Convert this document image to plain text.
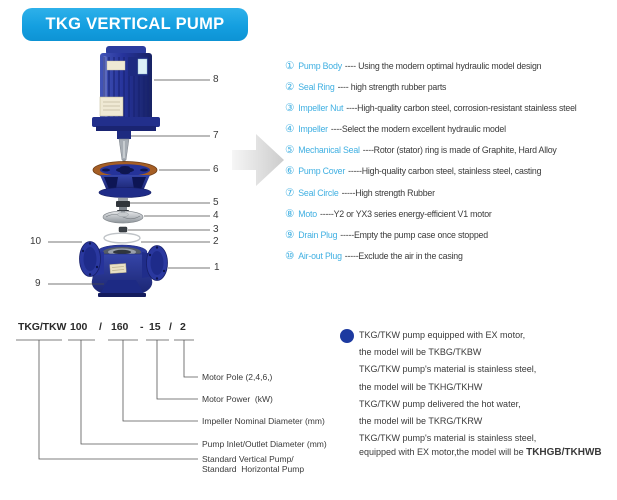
TKG VERTICAL PUMP
8
7
6
5
4
3
2
1
10
9
① Pump Body ---- Using the modern optimal hydraulic model design
② Seal Ring ---- high strength rubber parts
③ Impeller Nut ----High-quality carbon steel, corrosion-resistant stainless steel
④ Impeller ----Select the modern excellent hydraulic model
⑤ Mechanical Seal ----Rotor (stator) ring is made of Graphite, Hard Alloy
⑥ Pump Cover -----High-quality carbon steel, stainless steel, casting
⑦ Seal Circle -----High strength Rubber
⑧ Moto -----Y2 or YX3 series energy-efficient V1 motor
⑨ Drain Plug -----Empty the pump case once stopped
⑩ Air-out Plug -----Exclude the air in the casing
TKG/TKW 100 / 160 - 15 / 2
Motor Pole (2,4,6,)
Motor Power  (kW)
Impeller Nominal Diameter (mm)
Pump Inlet/Outlet Diameter (mm)
Standard Vertical Pump/
Standard  Horizontal Pump
TKG/TKW pump equipped with EX motor,
the model will be TKBG/TKBW
TKG/TKW pump's material is stainless steel,
the model will be TKHG/TKHW
TKG/TKW pump delivered the hot water,
the model will be TKRG/TKRW
TKG/TKW pump's material is stainless steel,
equipped with EX motor,the model will be TKHGB/TKHWB
